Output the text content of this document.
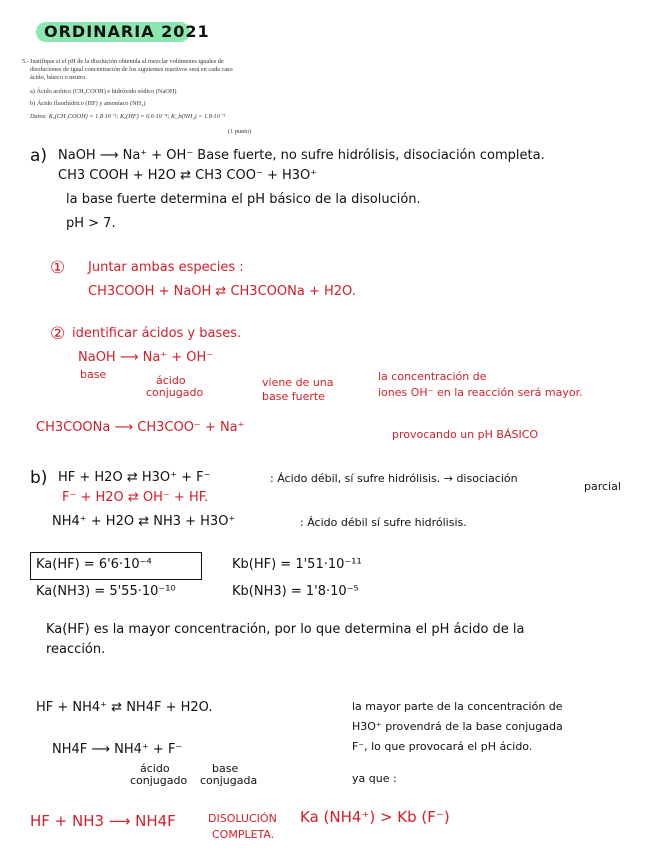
ORDINARIA 2021
5.- Justifique si el pH de la disolución obtenida al mezclar volúmenes iguales de
disoluciones de igual concentración de los siguientes reactivos será en cada caso
ácido, básico o neutro.
a) Ácido acético (CH₃COOH) e hidróxido sódico (NaOH)
b) Ácido fluorhídrico (HF) y amoníaco (NH₃)
Datos: Kₐ(CH₃COOH) = 1.8·10⁻⁵; Kₐ(HF) = 6.6·10⁻⁴; K_b(NH₃) = 1.8·10⁻⁵
(1 punto)
a) NaOH ⟶ Na⁺ + OH⁻ Base fuerte, no sufre hidrólisis, disociación completa.
CH3 COOH + H2O ⇄ CH3 COO⁻ + H3O⁺
la base fuerte determina el pH básico de la disolución.
pH > 7.
① Juntar ambas especies :
CH3COOH + NaOH ⇄ CH3COONa + H2O.
② identificar ácidos y bases.
NaOH ⟶ Na⁺ + OH⁻
base	ácido
conjugado
viene de una
base fuerte
la concentración de
iones OH⁻ en la reacción será mayor.
CH3COONa ⟶ CH3COO⁻ + Na⁺	provocando un pH BÁSICO
b) HF + H2O ⇄ H3O⁺ + F⁻	: Ácido débil, sí sufre hidrólisis. → disociación
parcial
F⁻ + H2O ⇄ OH⁻ + HF.
NH4⁺ + H2O ⇄ NH3 + H3O⁺	: Ácido débil sí sufre hidrólisis.
Ka(HF) = 6'6·10⁻⁴	Kb(HF) = 1'51·10⁻¹¹
Ka(NH3) = 5'55·10⁻¹⁰	Kb(NH3) = 1'8·10⁻⁵
Ka(HF) es la mayor concentración, por lo que determina el pH ácido de la
reacción.
HF + NH4⁺ ⇄ NH4F + H2O.	la mayor parte de la concentración de
H3O⁺ provendrá de la base conjugada
F⁻, lo que provocará el pH ácido.
ya que :
NH4F ⟶ NH4⁺ + F⁻
ácido
conjugado
base
conjugada
HF + NH3 ⟶ NH4F	DISOLUCIÓN
COMPLETA.
Ka (NH4⁺) > Kb (F⁻)
